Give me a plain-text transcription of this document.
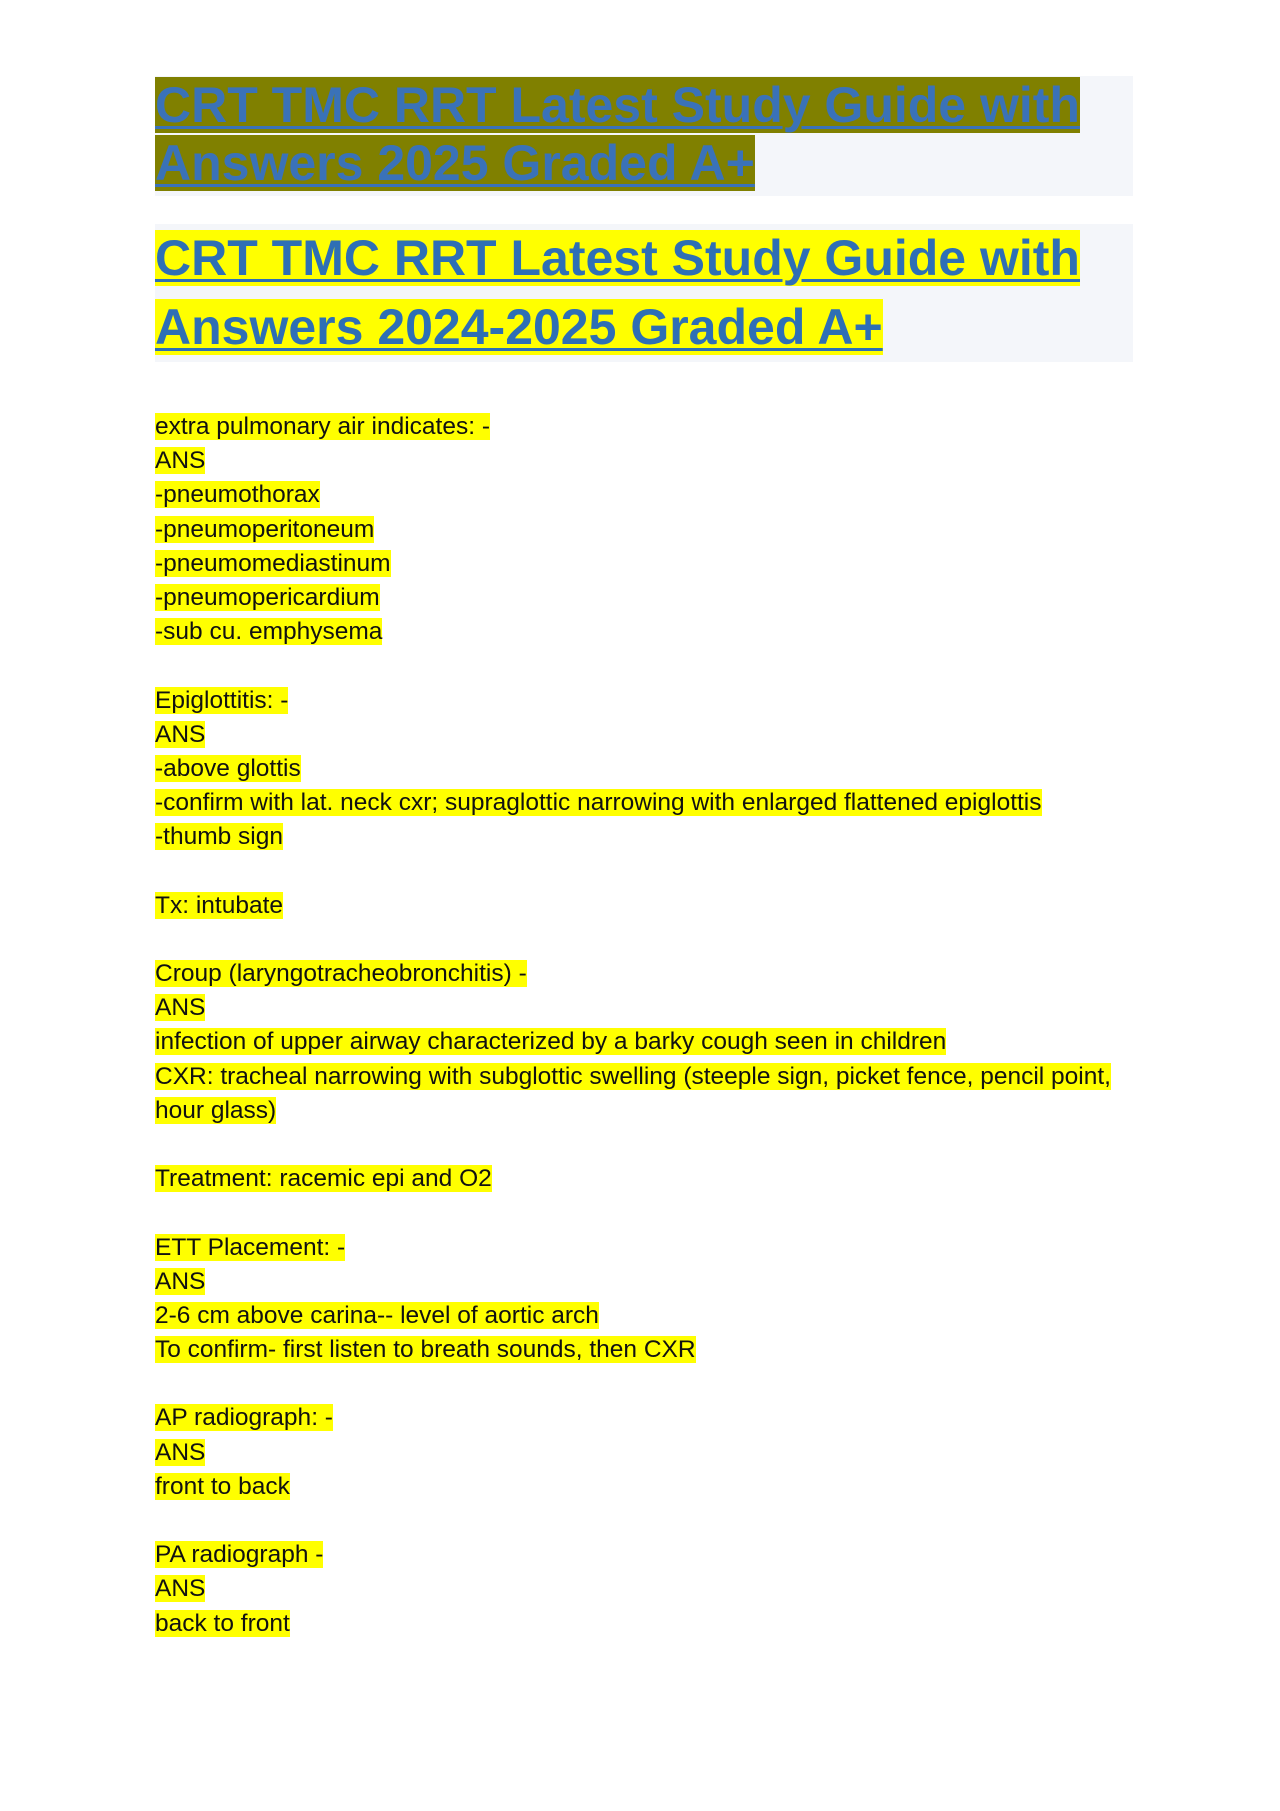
CRT TMC RRT Latest Study Guide with Answers 2025 Graded A+
CRT TMC RRT Latest Study Guide with Answers 2024-2025 Graded A+
extra pulmonary air indicates: -
ANS
-pneumothorax
-pneumoperitoneum
-pneumomediastinum
-pneumopericardium
-sub cu. emphysema
Epiglottitis: -
ANS
-above glottis
-confirm with lat. neck cxr; supraglottic narrowing with enlarged flattened epiglottis
-thumb sign
Tx: intubate
Croup (laryngotracheobronchitis) -
ANS
infection of upper airway characterized by a barky cough seen in children
CXR: tracheal narrowing with subglottic swelling (steeple sign, picket fence, pencil point, hour glass)
Treatment: racemic epi and O2
ETT Placement: -
ANS
2-6 cm above carina-- level of aortic arch
To confirm- first listen to breath sounds, then CXR
AP radiograph: -
ANS
front to back
PA radiograph -
ANS
back to front
